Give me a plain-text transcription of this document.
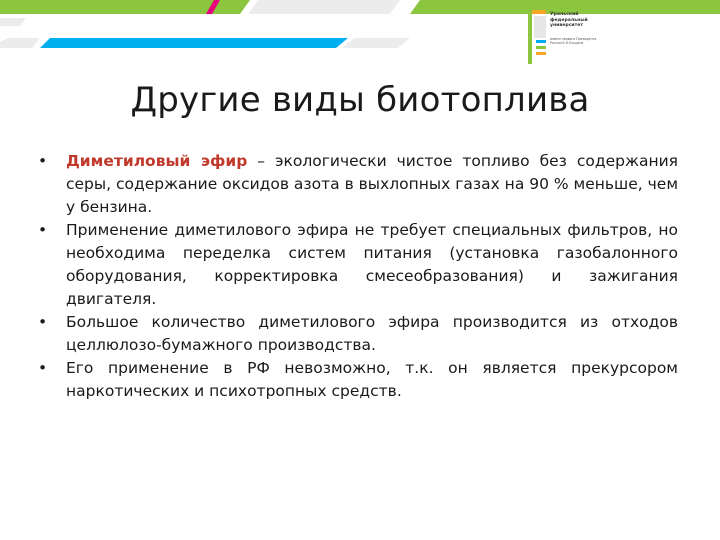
Уральский
федеральный
университет
имени первого Президента России Б.Н.Ельцина
Другие виды биотоплива
•	Диметиловый эфир – экологически чистое топливо без содержания серы, содержание оксидов азота в выхлопных газах на 90 % меньше, чем у бензина.
•	Применение диметилового эфира не требует специальных фильтров, но необходима переделка систем питания (установка газобалонного оборудования, корректировка смесеобразования) и зажигания двигателя.
•	Большое количество диметилового эфира производится из отходов целлюлозо-бумажного производства.
•	Его применение в РФ невозможно, т.к. он является прекурсором наркотических и психотропных средств.
